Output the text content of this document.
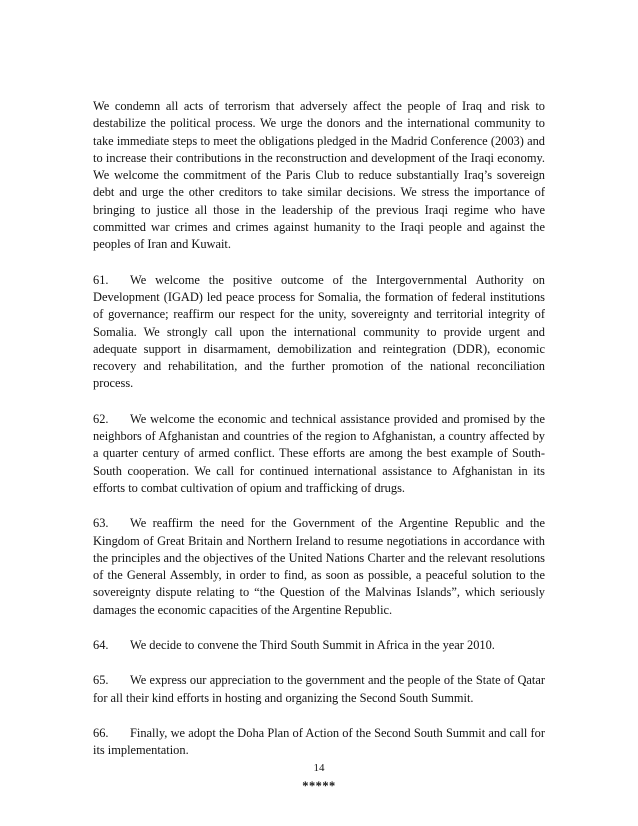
We condemn all acts of terrorism that adversely affect the people of Iraq and risk to destabilize the political process. We urge the donors and the international community to take immediate steps to meet the obligations pledged in the Madrid Conference (2003) and to increase their contributions in the reconstruction and development of the Iraqi economy. We welcome the commitment of the Paris Club to reduce substantially Iraq’s sovereign debt and urge the other creditors to take similar decisions. We stress the importance of bringing to justice all those in the leadership of the previous Iraqi regime who have committed war crimes and crimes against humanity to the Iraqi people and against the peoples of Iran and Kuwait.

61. We welcome the positive outcome of the Intergovernmental Authority on Development (IGAD) led peace process for Somalia, the formation of federal institutions of governance; reaffirm our respect for the unity, sovereignty and territorial integrity of Somalia. We strongly call upon the international community to provide urgent and adequate support in disarmament, demobilization and reintegration (DDR), economic recovery and rehabilitation, and the further promotion of the national reconciliation process.

62. We welcome the economic and technical assistance provided and promised by the neighbors of Afghanistan and countries of the region to Afghanistan, a country affected by a quarter century of armed conflict. These efforts are among the best example of South-South cooperation. We call for continued international assistance to Afghanistan in its efforts to combat cultivation of opium and trafficking of drugs.

63. We reaffirm the need for the Government of the Argentine Republic and the Kingdom of Great Britain and Northern Ireland to resume negotiations in accordance with the principles and the objectives of the United Nations Charter and the relevant resolutions of the General Assembly, in order to find, as soon as possible, a peaceful solution to the sovereignty dispute relating to “the Question of the Malvinas Islands”, which seriously damages the economic capacities of the Argentine Republic.

64. We decide to convene the Third South Summit in Africa in the year 2010.

65. We express our appreciation to the government and the people of the State of Qatar for all their kind efforts in hosting and organizing the Second South Summit.

66. Finally, we adopt the Doha Plan of Action of the Second South Summit and call for its implementation.

*****
14
